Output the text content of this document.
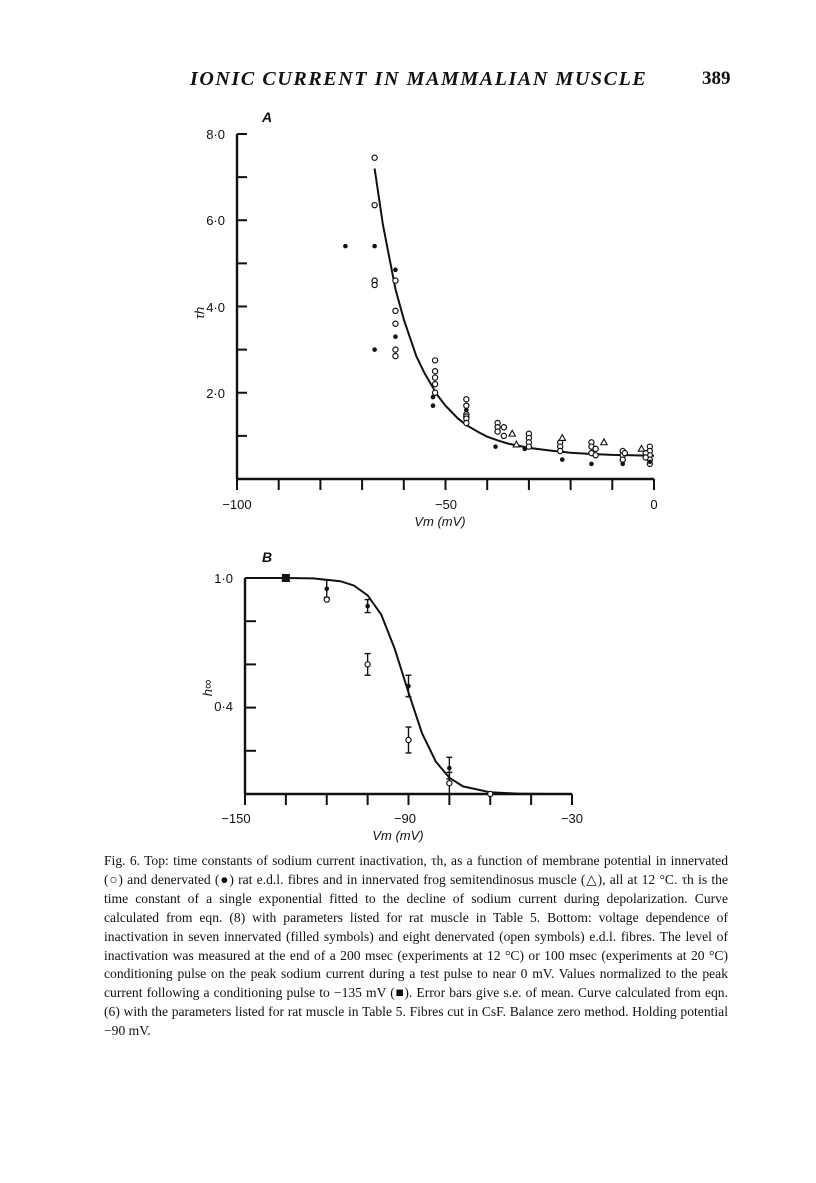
IONIC CURRENT IN MAMMALIAN MUSCLE	389
A
2·0
4·0
6·0
8·0
−100	−50	0
Vm (mV)
τh
B
0·4
1·0
−150	−90	−30
Vm (mV)
h∞

Fig. 6. Top: time constants of sodium current inactivation, τh, as a function of membrane potential in innervated (○) and denervated (●) rat e.d.l. fibres and in innervated frog semitendinosus muscle (△), all at 12 °C. τh is the time constant of a single exponential fitted to the decline of sodium current during depolarization. Curve calculated from eqn. (8) with parameters listed for rat muscle in Table 5. Bottom: voltage dependence of inactivation in seven innervated (filled symbols) and eight denervated (open symbols) e.d.l. fibres. The level of inactivation was measured at the end of a 200 msec (experiments at 12 °C) or 100 msec (experiments at 20 °C) conditioning pulse on the peak sodium current during a test pulse to near 0 mV. Values normalized to the peak current following a conditioning pulse to −135 mV (■). Error bars give s.e. of mean. Curve calculated from eqn. (6) with the parameters listed for rat muscle in Table 5. Fibres cut in CsF. Balance zero method. Holding potential −90 mV.
